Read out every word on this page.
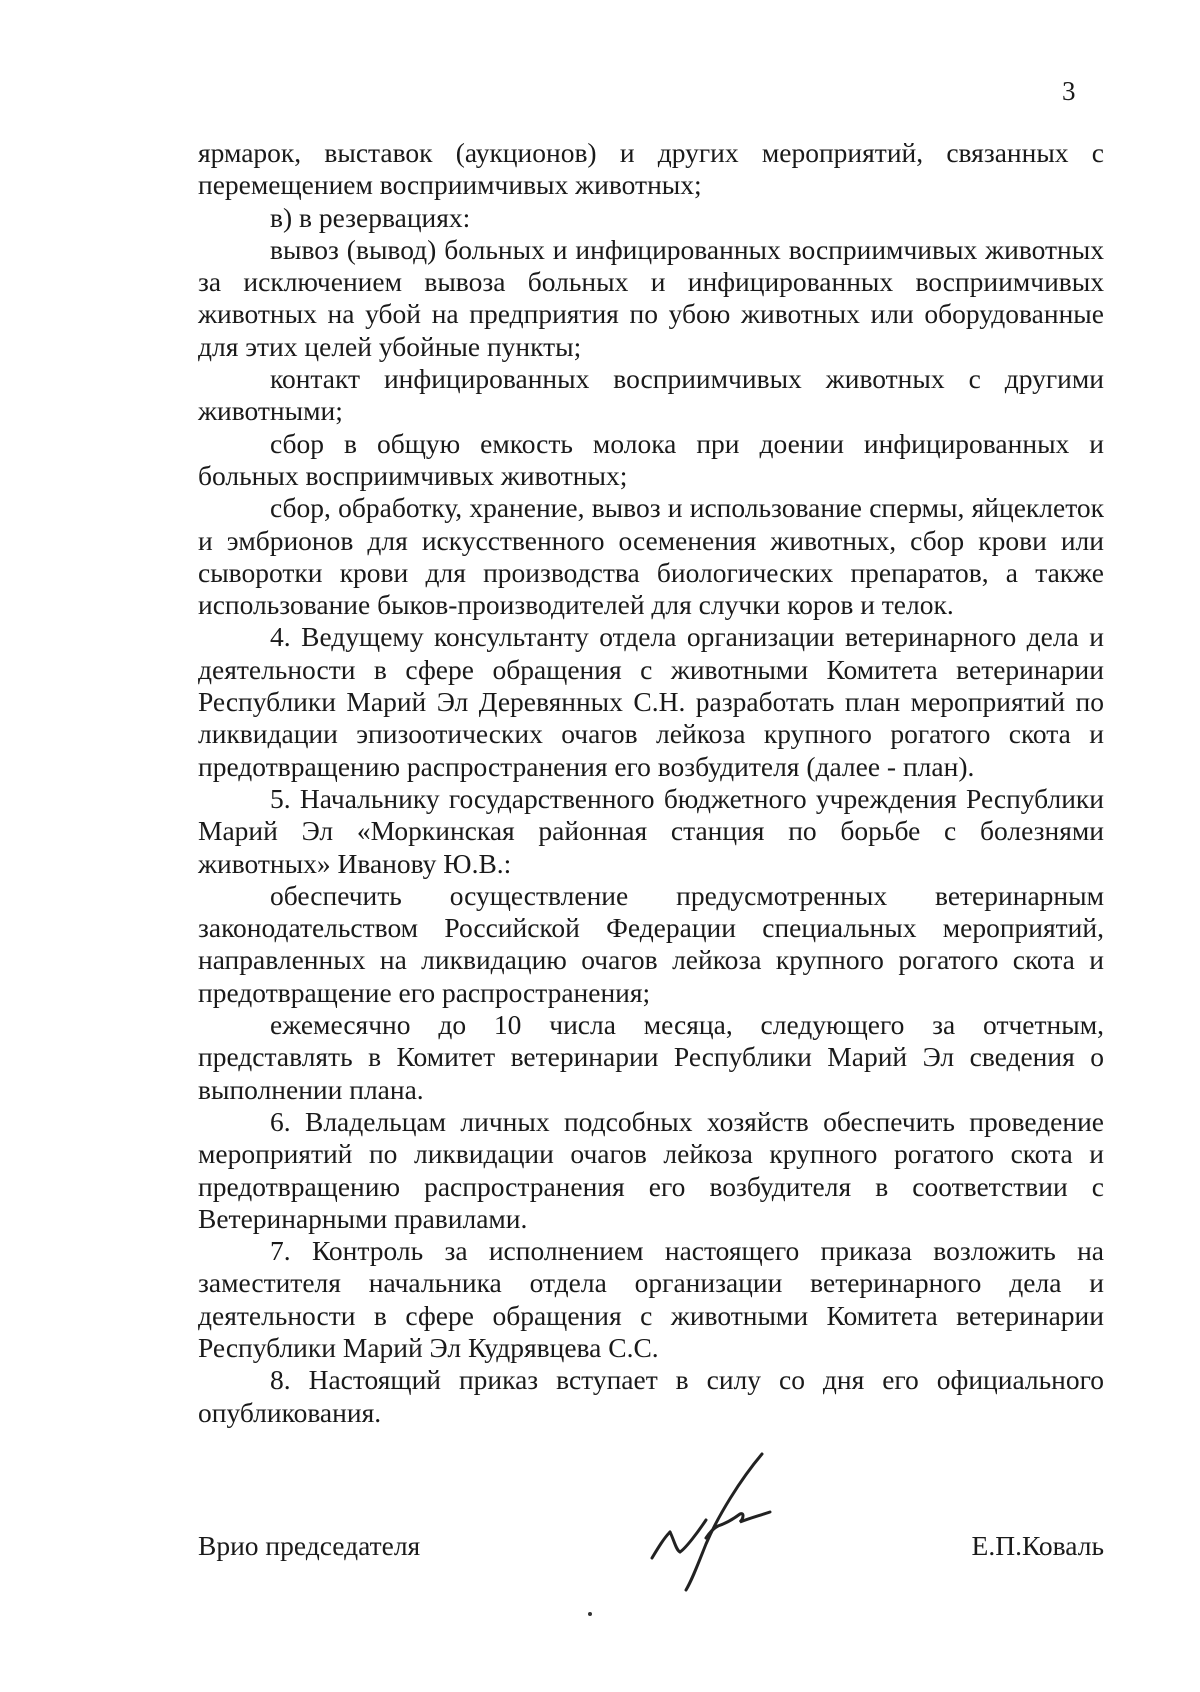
3

ярмарок, выставок (аукционов) и других мероприятий, связанных с перемещением восприимчивых животных;

в) в резервациях:

вывоз (вывод) больных и инфицированных восприимчивых животных за исключением вывоза больных и инфицированных восприимчивых животных на убой на предприятия по убою животных или оборудованные для этих целей убойные пункты;

контакт инфицированных восприимчивых животных с другими животными;

сбор в общую емкость молока при доении инфицированных и больных восприимчивых животных;

сбор, обработку, хранение, вывоз и использование спермы, яйцеклеток и эмбрионов для искусственного осеменения животных, сбор крови или сыворотки крови для производства биологических препаратов, а также использование быков-производителей для случки коров и телок.

4. Ведущему консультанту отдела организации ветеринарного дела и деятельности в сфере обращения с животными Комитета ветеринарии Республики Марий Эл Деревянных С.Н. разработать план мероприятий по ликвидации эпизоотических очагов лейкоза крупного рогатого скота и предотвращению распространения его возбудителя (далее - план).

5. Начальнику государственного бюджетного учреждения Республики Марий Эл «Моркинская районная станция по борьбе с болезнями животных» Иванову Ю.В.:

обеспечить осуществление предусмотренных ветеринарным законодательством Российской Федерации специальных мероприятий, направленных на ликвидацию очагов лейкоза крупного рогатого скота и предотвращение его распространения;

ежемесячно до 10 числа месяца, следующего за отчетным, представлять в Комитет ветеринарии Республики Марий Эл сведения о выполнении плана.

6. Владельцам личных подсобных хозяйств обеспечить проведение мероприятий по ликвидации очагов лейкоза крупного рогатого скота и предотвращению распространения его возбудителя в соответствии с Ветеринарными правилами.

7. Контроль за исполнением настоящего приказа возложить на заместителя начальника отдела организации ветеринарного дела и деятельности в сфере обращения с животными Комитета ветеринарии Республики Марий Эл Кудрявцева С.С.

8. Настоящий приказ вступает в силу со дня его официального опубликования.

Врио председателя	Е.П.Коваль
